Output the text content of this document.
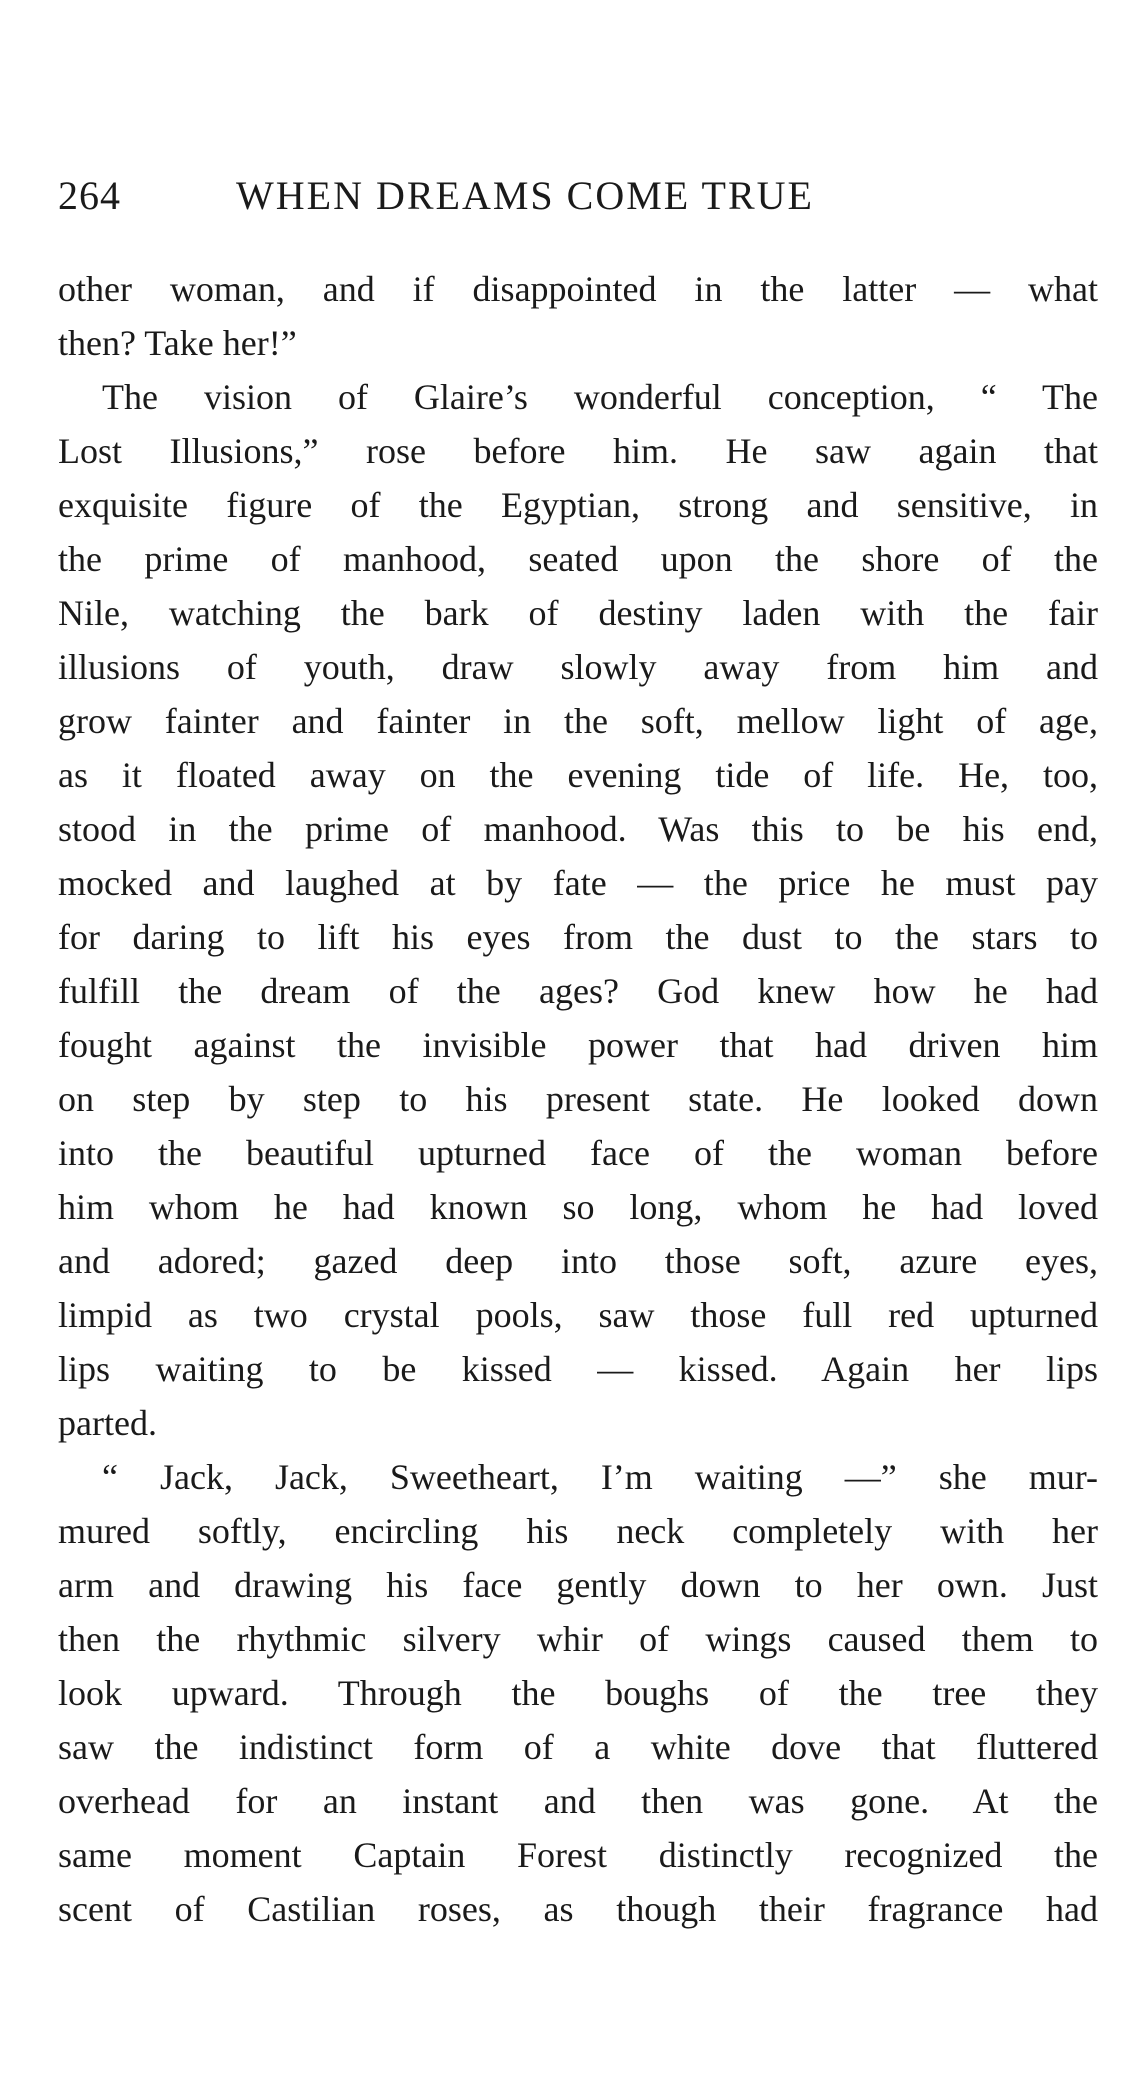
264	WHEN DREAMS COME TRUE
other woman, and if disappointed in the latter — what
then? Take her!”
The vision of Glaire’s wonderful conception, “ The
Lost Illusions,” rose before him. He saw again that
exquisite figure of the Egyptian, strong and sensitive, in
the prime of manhood, seated upon the shore of the
Nile, watching the bark of destiny laden with the fair
illusions of youth, draw slowly away from him and
grow fainter and fainter in the soft, mellow light of age,
as it floated away on the evening tide of life. He, too,
stood in the prime of manhood. Was this to be his end,
mocked and laughed at by fate — the price he must pay
for daring to lift his eyes from the dust to the stars to
fulfill the dream of the ages? God knew how he had
fought against the invisible power that had driven him
on step by step to his present state. He looked down
into the beautiful upturned face of the woman before
him whom he had known so long, whom he had loved
and adored; gazed deep into those soft, azure eyes,
limpid as two crystal pools, saw those full red upturned
lips waiting to be kissed — kissed. Again her lips
parted.
“ Jack, Jack, Sweetheart, I’m waiting —” she mur-
mured softly, encircling his neck completely with her
arm and drawing his face gently down to her own. Just
then the rhythmic silvery whir of wings caused them to
look upward. Through the boughs of the tree they
saw the indistinct form of a white dove that fluttered
overhead for an instant and then was gone. At the
same moment Captain Forest distinctly recognized the
scent of Castilian roses, as though their fragrance had
